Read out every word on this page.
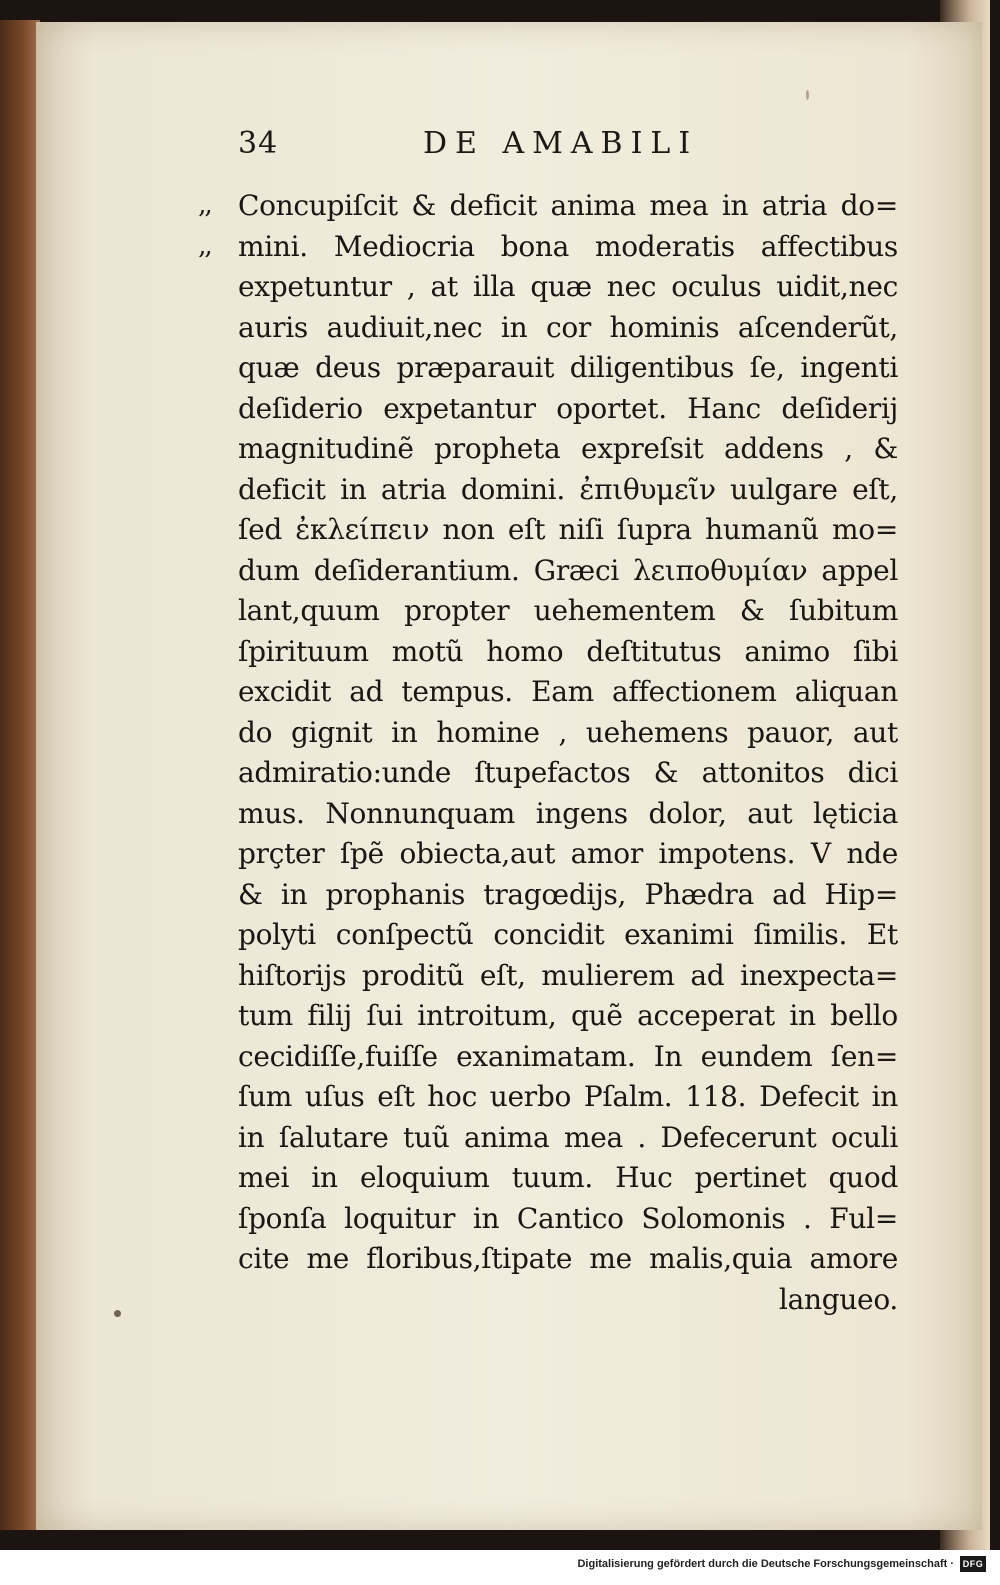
34	DE AMABILI
‚‚
‚‚
Concupiſcit & deficit anima mea in atria do=
mini. Mediocria bona moderatis affectibus
expetuntur , at illa quæ nec oculus uidit,nec
auris audiuit,nec in cor hominis aſcenderũt,
quæ deus præparauit diligentibus ſe, ingenti
deſiderio expetantur oportet. Hanc deſiderij
magnitudinẽ propheta expreſsit addens , &
deficit in atria domini. ἐπιθυμεῖν uulgare eſt,
ſed ἐκλείπειν non eſt niſi ſupra humanũ mo=
dum deſiderantium. Græci λειποθυμίαν appel
lant,quum propter uehementem & ſubitum
ſpirituum motũ homo deſtitutus animo ſibi
excidit ad tempus. Eam affectionem aliquan
do gignit in homine , uehemens pauor, aut
admiratio:unde ſtupefactos & attonitos dici
mus. Nonnunquam ingens dolor, aut lęticia
prçter ſpẽ obiecta,aut amor impotens. V nde
& in prophanis tragœdijs, Phædra ad Hip=
polyti conſpectũ concidit exanimi ſimilis. Et
hiſtorijs proditũ eſt, mulierem ad inexpecta=
tum filij ſui introitum, quẽ acceperat in bello
cecidiſſe,fuiſſe exanimatam. In eundem ſen=
ſum uſus eſt hoc uerbo Pſalm. 118. Defecit in
in ſalutare tuũ anima mea . Defecerunt oculi
mei in eloquium tuum. Huc pertinet quod
ſponſa loquitur in Cantico Solomonis . Ful=
cite me floribus,ſtipate me malis,quia amore
langueo.
Digitalisierung gefördert durch die Deutsche Forschungsgemeinschaft · DFG
